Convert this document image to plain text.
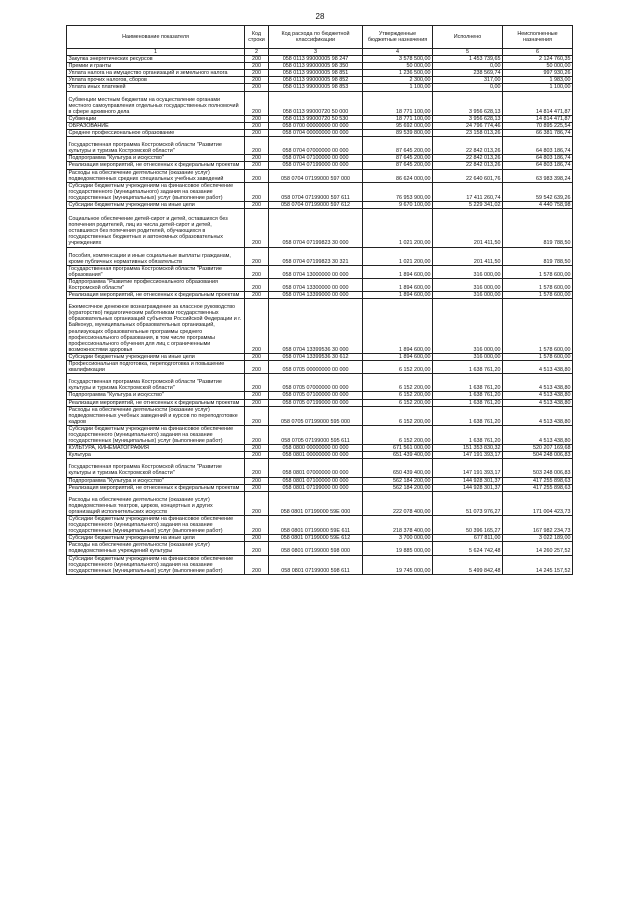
28
Наименование показателя	Код строки	Код расхода по бюджетной классификации	Утвержденные бюджетные назначения	Исполнено	Неисполненные назначения
1	2	3	4	5	6
Закупка энергетических ресурсов	200	058 0113 99000005 98 247	3 578 500,00	1 453 739,65	2 124 760,35
Премии и гранты	200	058 0113 99000005 98 350	50 000,00	0,00	50 000,00
Уплата налога на имущество организаций и земельного налога	200	058 0113 99000005 98 851	1 236 500,00	238 569,74	997 930,26
Уплата прочих налогов, сборов	200	058 0113 99000005 98 852	2 300,00	317,00	1 983,00
Уплата иных платежей	200	058 0113 99000005 98 853	1 100,00	0,00	1 100,00
Субвенции местным бюджетам на осуществление органами местного самоуправления отдельных государственных полномочий в сфере архивного дела	200	058 0113 99000720 50 000	18 771 100,00	3 956 628,13	14 814 471,87
Субвенции	200	058 0113 99000720 50 530	18 771 100,00	3 956 628,13	14 814 471,87
ОБРАЗОВАНИЕ	200	058 0700 00000000 00 000	95 692 000,00	24 796 774,46	70 895 225,54
Среднее профессиональное образование	200	058 0704 00000000 00 000	89 539 800,00	23 158 013,26	66 381 786,74
Государственная программа Костромской области "Развитие культуры и туризма Костромской области"	200	058 0704 07000000 00 000	87 645 200,00	22 842 013,26	64 803 186,74
Подпрограмма "Культура и искусство"	200	058 0704 07100000 00 000	87 645 200,00	22 842 013,26	64 803 186,74
Реализация мероприятий, не отнесенных к федеральным проектам	200	058 0704 07199000 00 000	87 645 200,00	22 842 013,26	64 803 186,74
Расходы на обеспечение деятельности (оказание услуг) подведомственных средних специальных учебных заведений	200	058 0704 07199000 597 000	86 624 000,00	22 640 601,76	63 983 398,24
Субсидии бюджетным учреждениям на финансовое обеспечение государственного (муниципального) задания на оказание государственных (муниципальных) услуг (выполнение работ)	200	058 0704 07199000 597 611	76 953 900,00	17 411 260,74	59 542 639,26
Субсидии бюджетным учреждениям на иные цели	200	058 0704 07199000 597 612	9 670 100,00	5 229 341,02	4 440 758,98
Социальное обеспечение детей-сирот и детей, оставшихся без попечения родителей, лиц из числа детей-сирот и детей, оставшихся без попечения родителей, обучающихся в государственных бюджетных и автономных образовательных учреждениях	200	058 0704 07199823 30 000	1 021 200,00	201 411,50	819 788,50
Пособия, компенсации и иные социальные выплаты гражданам, кроме публичных нормативных обязательств	200	058 0704 07199823 30 321	1 021 200,00	201 411,50	819 788,50
Государственная программа Костромской области "Развитие образования"	200	058 0704 13000000 00 000	1 894 600,00	316 000,00	1 578 600,00
Подпрограмма "Развитие профессионального образования Костромской области"	200	058 0704 13300000 00 000	1 894 600,00	316 000,00	1 578 600,00
Реализация мероприятий, не отнесенных к федеральным проектам	200	058 0704 13399000 00 000	1 894 600,00	316 000,00	1 578 600,00
Ежемесячное денежное вознаграждение за классное руководство (кураторство) педагогическим работникам государственных образовательных организаций субъектов Российской Федерации и г. Байконур, муниципальных образовательных организаций, реализующих образовательные программы среднего профессионального образования, в том числе программы профессионального обучения для лиц с ограниченными возможностями здоровья	200	058 0704 13399536 30 000	1 894 600,00	316 000,00	1 578 600,00
Субсидии бюджетным учреждениям на иные цели	200	058 0704 13399536 30 612	1 894 600,00	316 000,00	1 578 600,00
Профессиональная подготовка, переподготовка и повышение квалификации	200	058 0705 00000000 00 000	6 152 200,00	1 638 761,20	4 513 438,80
Государственная программа Костромской области "Развитие культуры и туризма Костромской области"	200	058 0705 07000000 00 000	6 152 200,00	1 638 761,20	4 513 438,80
Подпрограмма "Культура и искусство"	200	058 0705 07100000 00 000	6 152 200,00	1 638 761,20	4 513 438,80
Реализация мероприятий, не отнесенных к федеральным проектам	200	058 0705 07199000 00 000	6 152 200,00	1 638 761,20	4 513 438,80
Расходы на обеспечение деятельности (оказание услуг) подведомственных учебных заведений и курсов по переподготовке кадров	200	058 0705 07199000 595 000	6 152 200,00	1 638 761,20	4 513 438,80
Субсидии бюджетным учреждениям на финансовое обеспечение государственного (муниципального) задания на оказание государственных (муниципальных) услуг (выполнение работ)	200	058 0705 07199000 595 611	6 152 200,00	1 638 761,20	4 513 438,80
КУЛЬТУРА, КИНЕМАТОГРАФИЯ	200	058 0800 00000000 00 000	671 561 000,00	151 353 830,32	520 207 169,68
Культура	200	058 0801 00000000 00 000	651 439 400,00	147 191 393,17	504 248 006,83
Государственная программа Костромской области "Развитие культуры и туризма Костромской области"	200	058 0801 07000000 00 000	650 439 400,00	147 191 393,17	503 248 006,83
Подпрограмма "Культура и искусство"	200	058 0801 07100000 00 000	562 184 200,00	144 928 301,37	417 255 898,63
Реализация мероприятий, не отнесенных к федеральным проектам	200	058 0801 07199000 00 000	562 184 200,00	144 928 301,37	417 255 898,63
Расходы на обеспечение деятельности (оказание услуг) подведомственных театров, цирков, концертных и других организаций исполнительских искусств	200	058 0801 07199000 59Е 000	222 078 400,00	51 073 976,27	171 004 423,73
Субсидии бюджетным учреждениям на финансовое обеспечение государственного (муниципального) задания на оказание государственных (муниципальных) услуг (выполнение работ)	200	058 0801 07199000 59Е 611	218 378 400,00	50 396 165,27	167 982 234,73
Субсидии бюджетным учреждениям на иные цели	200	058 0801 07199000 59Е 612	3 700 000,00	677 811,00	3 022 189,00
Расходы на обеспечение деятельности (оказание услуг) подведомственных учреждений культуры	200	058 0801 07199000 598 000	19 885 000,00	5 624 742,48	14 260 257,52
Субсидии бюджетным учреждениям на финансовое обеспечение государственного (муниципального) задания на оказание государственных (муниципальных) услуг (выполнение работ)	200	058 0801 07199000 598 611	19 745 000,00	5 499 842,48	14 245 157,52
